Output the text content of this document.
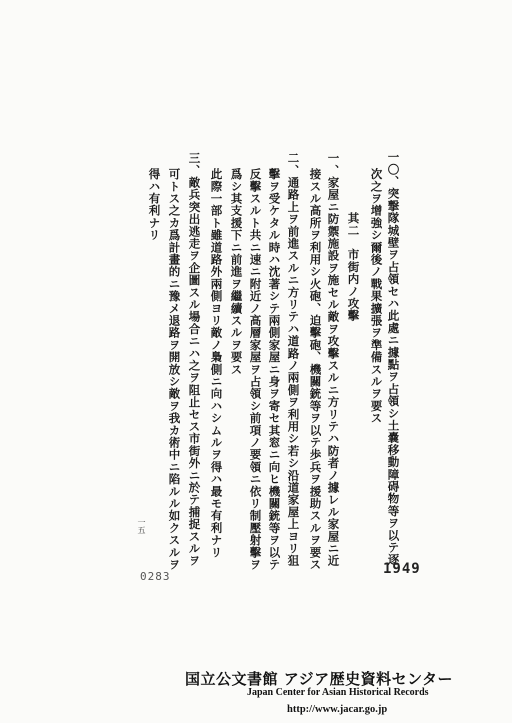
一〇、突撃隊城壁ヲ占領セハ此處ニ據點ヲ占領シ土嚢移動障碍物等ヲ以テ逐
次之ヲ增強シ爾後ノ戰果擴張ヲ準備スルヲ要ス
其二　市街内ノ攻擊
一、家屋ニ防禦施設ヲ施セル敵ヲ攻擊スルニ方リテハ防者ノ據レル家屋ニ近
接スル高所ヲ利用シ火砲、迫擊砲、機關銃等ヲ以テ歩兵ヲ援助スルヲ要ス
二、通路上ヲ前進スルニ方リテハ道路ノ兩側ヲ利用シ若シ沿道家屋上ヨリ狙
擊ヲ受ケタル時ハ沈著シテ兩側家屋ニ身ヲ寄セ其窓ニ向ヒ機關銃等ヲ以テ
反擊スルト共ニ速ニ附近ノ高層家屋ヲ占領シ前項ノ要領ニ依リ制壓射擊ヲ
爲シ其支援下ニ前進ヲ繼續スルヲ要ス
此際一部ト雖道路外兩側ヨリ敵ノ梟側ニ向ハシムルヲ得ハ最モ有利ナリ
三、敵兵突出逃走ヲ企圖スル場合ニハ之ヲ阻止セス市街外ニ於テ捕捉スルヲ
可トス之カ爲計畫的ニ豫メ退路ヲ開放シ敵ヲ我カ術中ニ陷ルル如クスルヲ
得ハ有利ナリ
一五
0283	1949
国立公文書館 アジア歴史資料センター
Japan Center for Asian Historical Records
http://www.jacar.go.jp
